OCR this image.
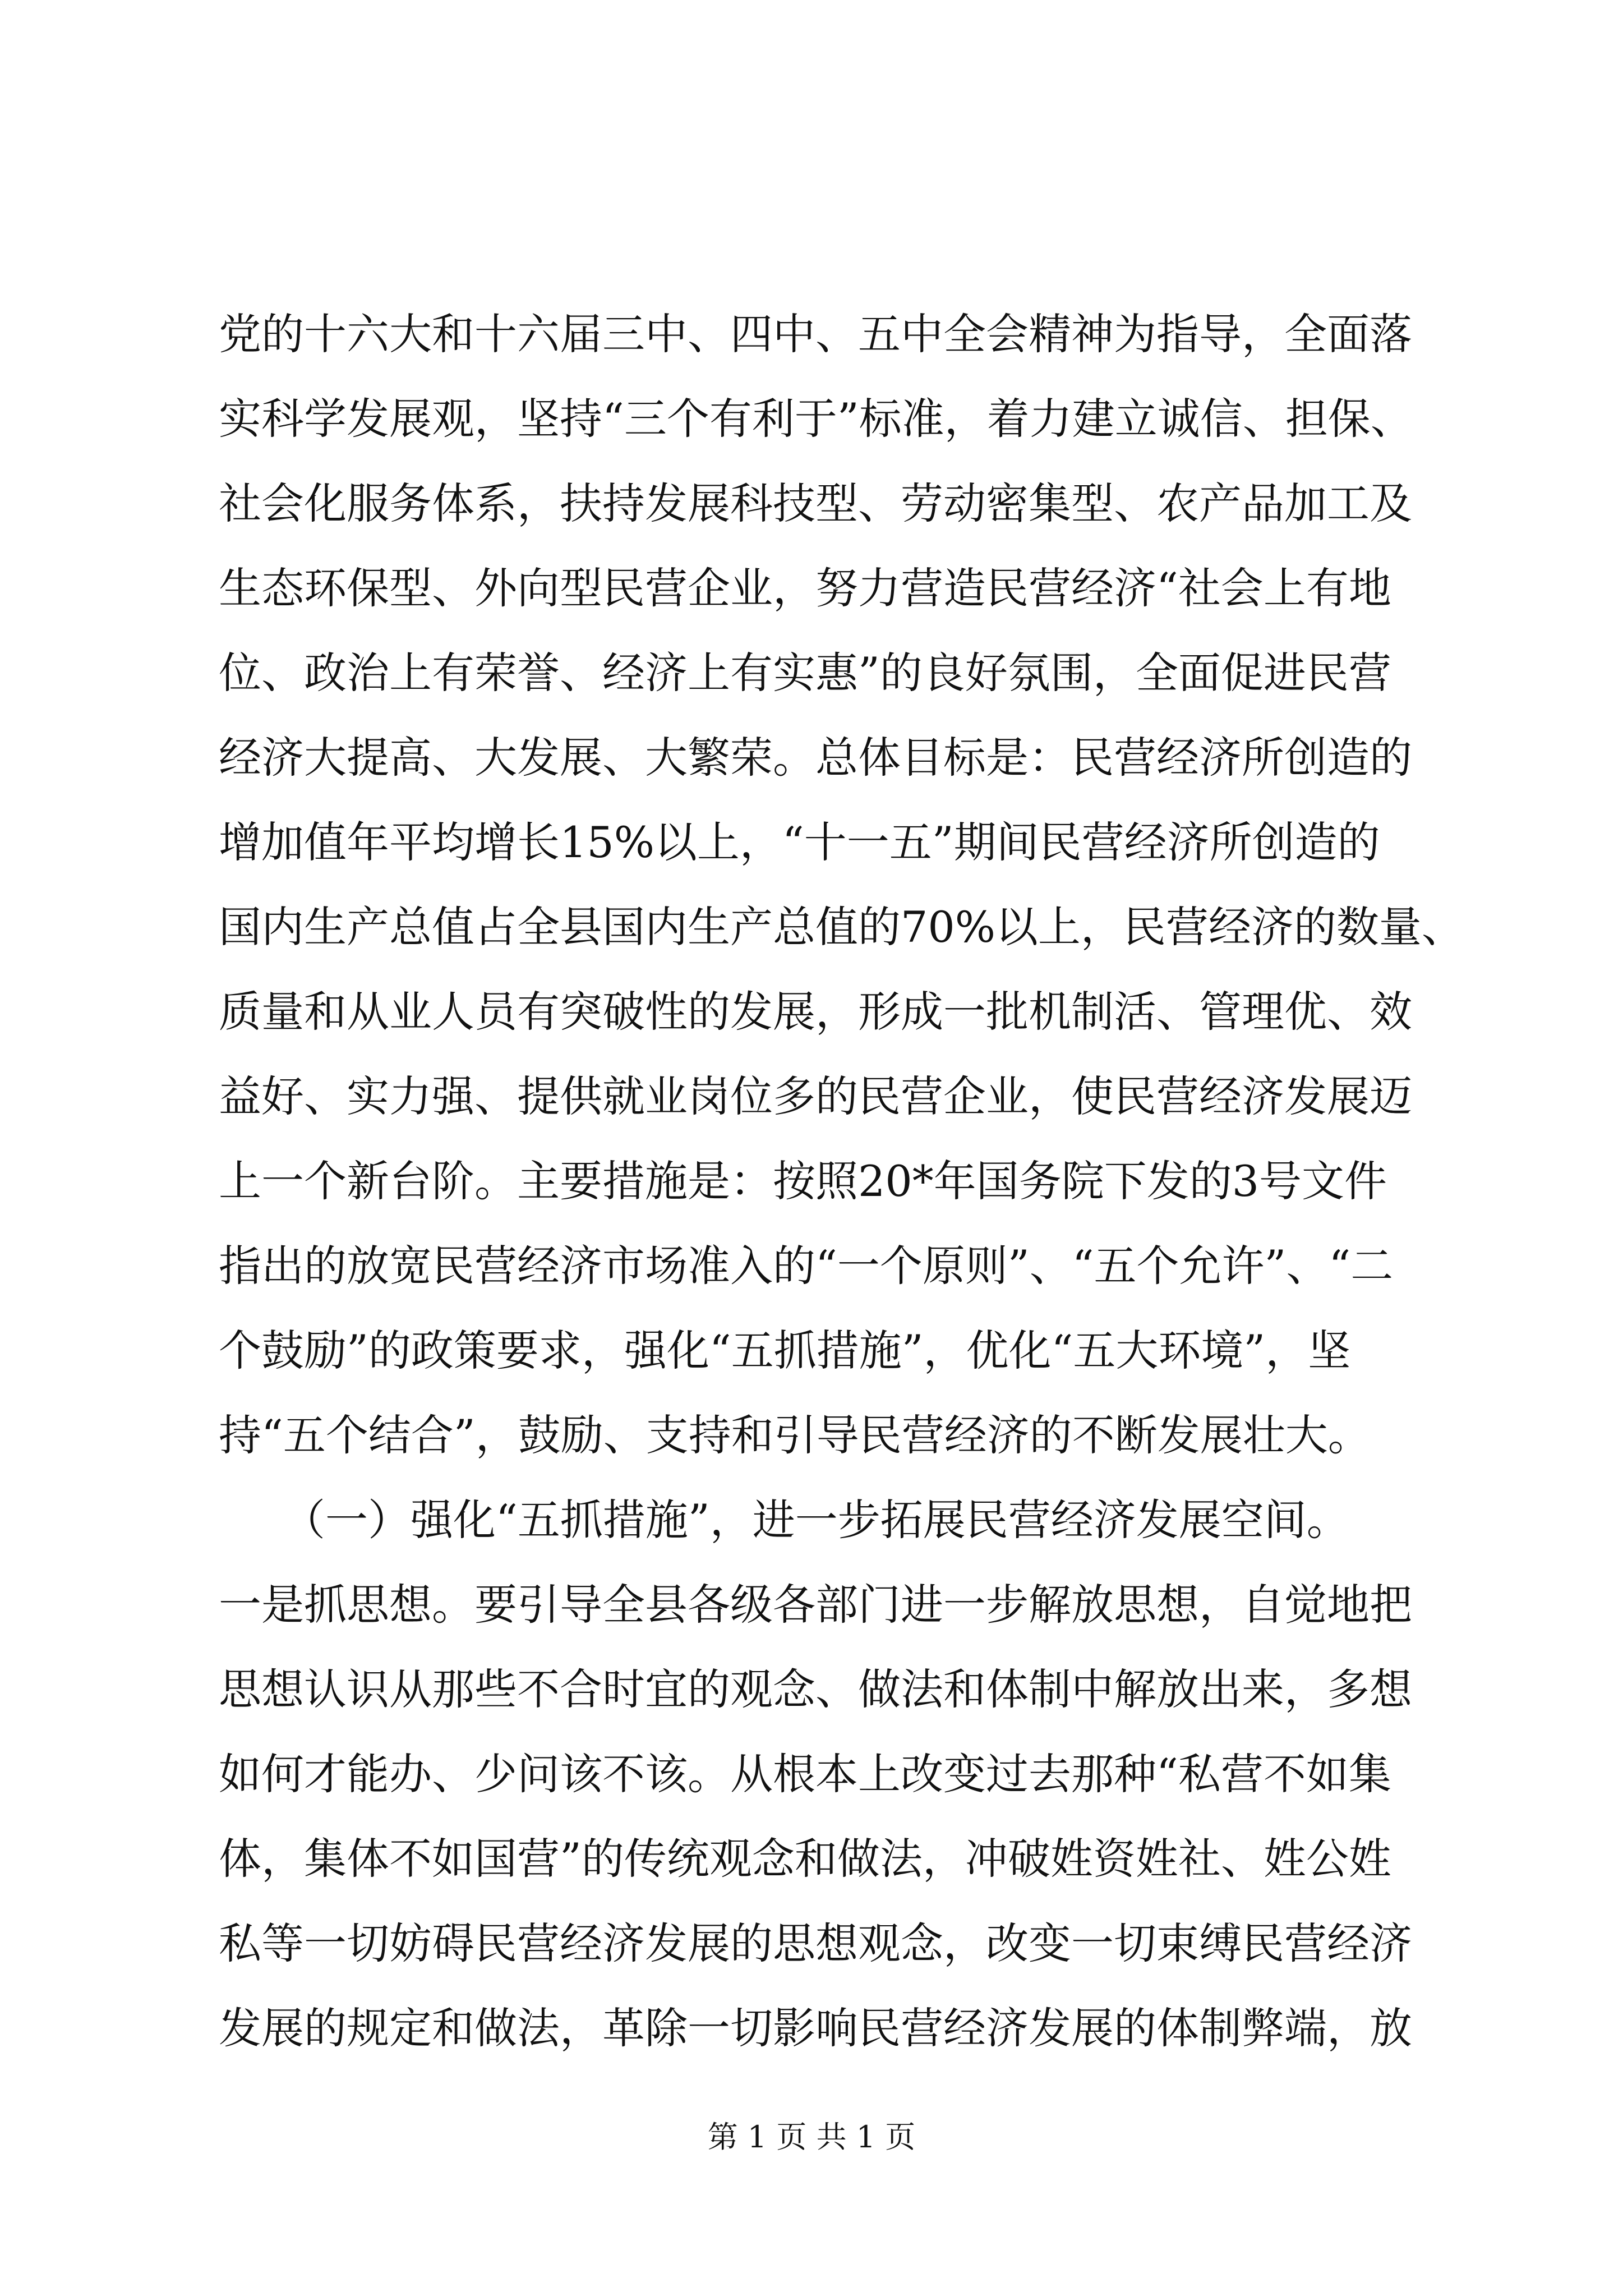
党的十六大和十六届三中、四中、五中全会精神为指导，全面落
实科学发展观，坚持“三个有利于”标准，着力建立诚信、担保、
社会化服务体系，扶持发展科技型、劳动密集型、农产品加工及
生态环保型、外向型民营企业，努力营造民营经济“社会上有地
位、政治上有荣誉、经济上有实惠”的良好氛围，全面促进民营
经济大提高、大发展、大繁荣。总体目标是：民营经济所创造的
增加值年平均增长15%以上，“十一五”期间民营经济所创造的
国内生产总值占全县国内生产总值的70%以上，民营经济的数量、
质量和从业人员有突破性的发展，形成一批机制活、管理优、效
益好、实力强、提供就业岗位多的民营企业，使民营经济发展迈
上一个新台阶。主要措施是：按照20*年国务院下发的3号文件
指出的放宽民营经济市场准入的“一个原则”、“五个允许”、“二
个鼓励”的政策要求，强化“五抓措施”，优化“五大环境”，坚
持“五个结合”，鼓励、支持和引导民营经济的不断发展壮大。
　　（一）强化“五抓措施”，进一步拓展民营经济发展空间。
一是抓思想。要引导全县各级各部门进一步解放思想，自觉地把
思想认识从那些不合时宜的观念、做法和体制中解放出来，多想
如何才能办、少问该不该。从根本上改变过去那种“私营不如集
体，集体不如国营”的传统观念和做法，冲破姓资姓社、姓公姓
私等一切妨碍民营经济发展的思想观念，改变一切束缚民营经济
发展的规定和做法，革除一切影响民营经济发展的体制弊端，放
第 1 页 共 1 页
